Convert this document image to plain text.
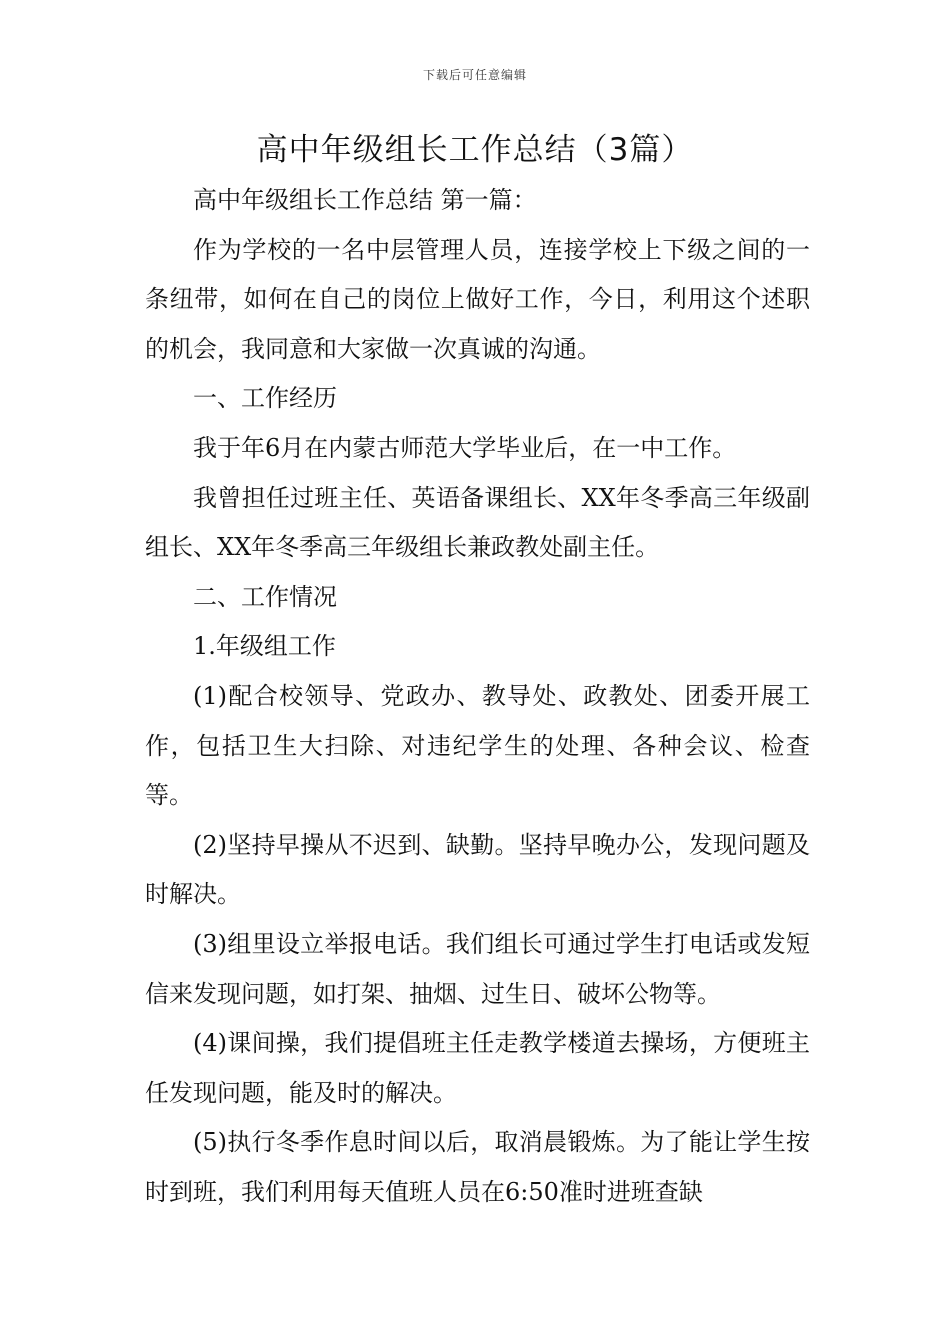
下载后可任意编辑
高中年级组长工作总结（3篇）

高中年级组长工作总结 第一篇：

作为学校的一名中层管理人员，连接学校上下级之间的一条纽带，如何在自己的岗位上做好工作，今日，利用这个述职的机会，我同意和大家做一次真诚的沟通。

一、工作经历

我于年6月在内蒙古师范大学毕业后，在一中工作。

我曾担任过班主任、英语备课组长、XX年冬季高三年级副组长、XX年冬季高三年级组长兼政教处副主任。

二、工作情况

1.年级组工作

(1)配合校领导、党政办、教导处、政教处、团委开展工作，包括卫生大扫除、对违纪学生的处理、各种会议、检查等。

(2)坚持早操从不迟到、缺勤。坚持早晚办公，发现问题及时解决。

(3)组里设立举报电话。我们组长可通过学生打电话或发短信来发现问题，如打架、抽烟、过生日、破坏公物等。

(4)课间操，我们提倡班主任走教学楼道去操场，方便班主任发现问题，能及时的解决。

(5)执行冬季作息时间以后，取消晨锻炼。为了能让学生按时到班，我们利用每天值班人员在6:50准时进班查缺
